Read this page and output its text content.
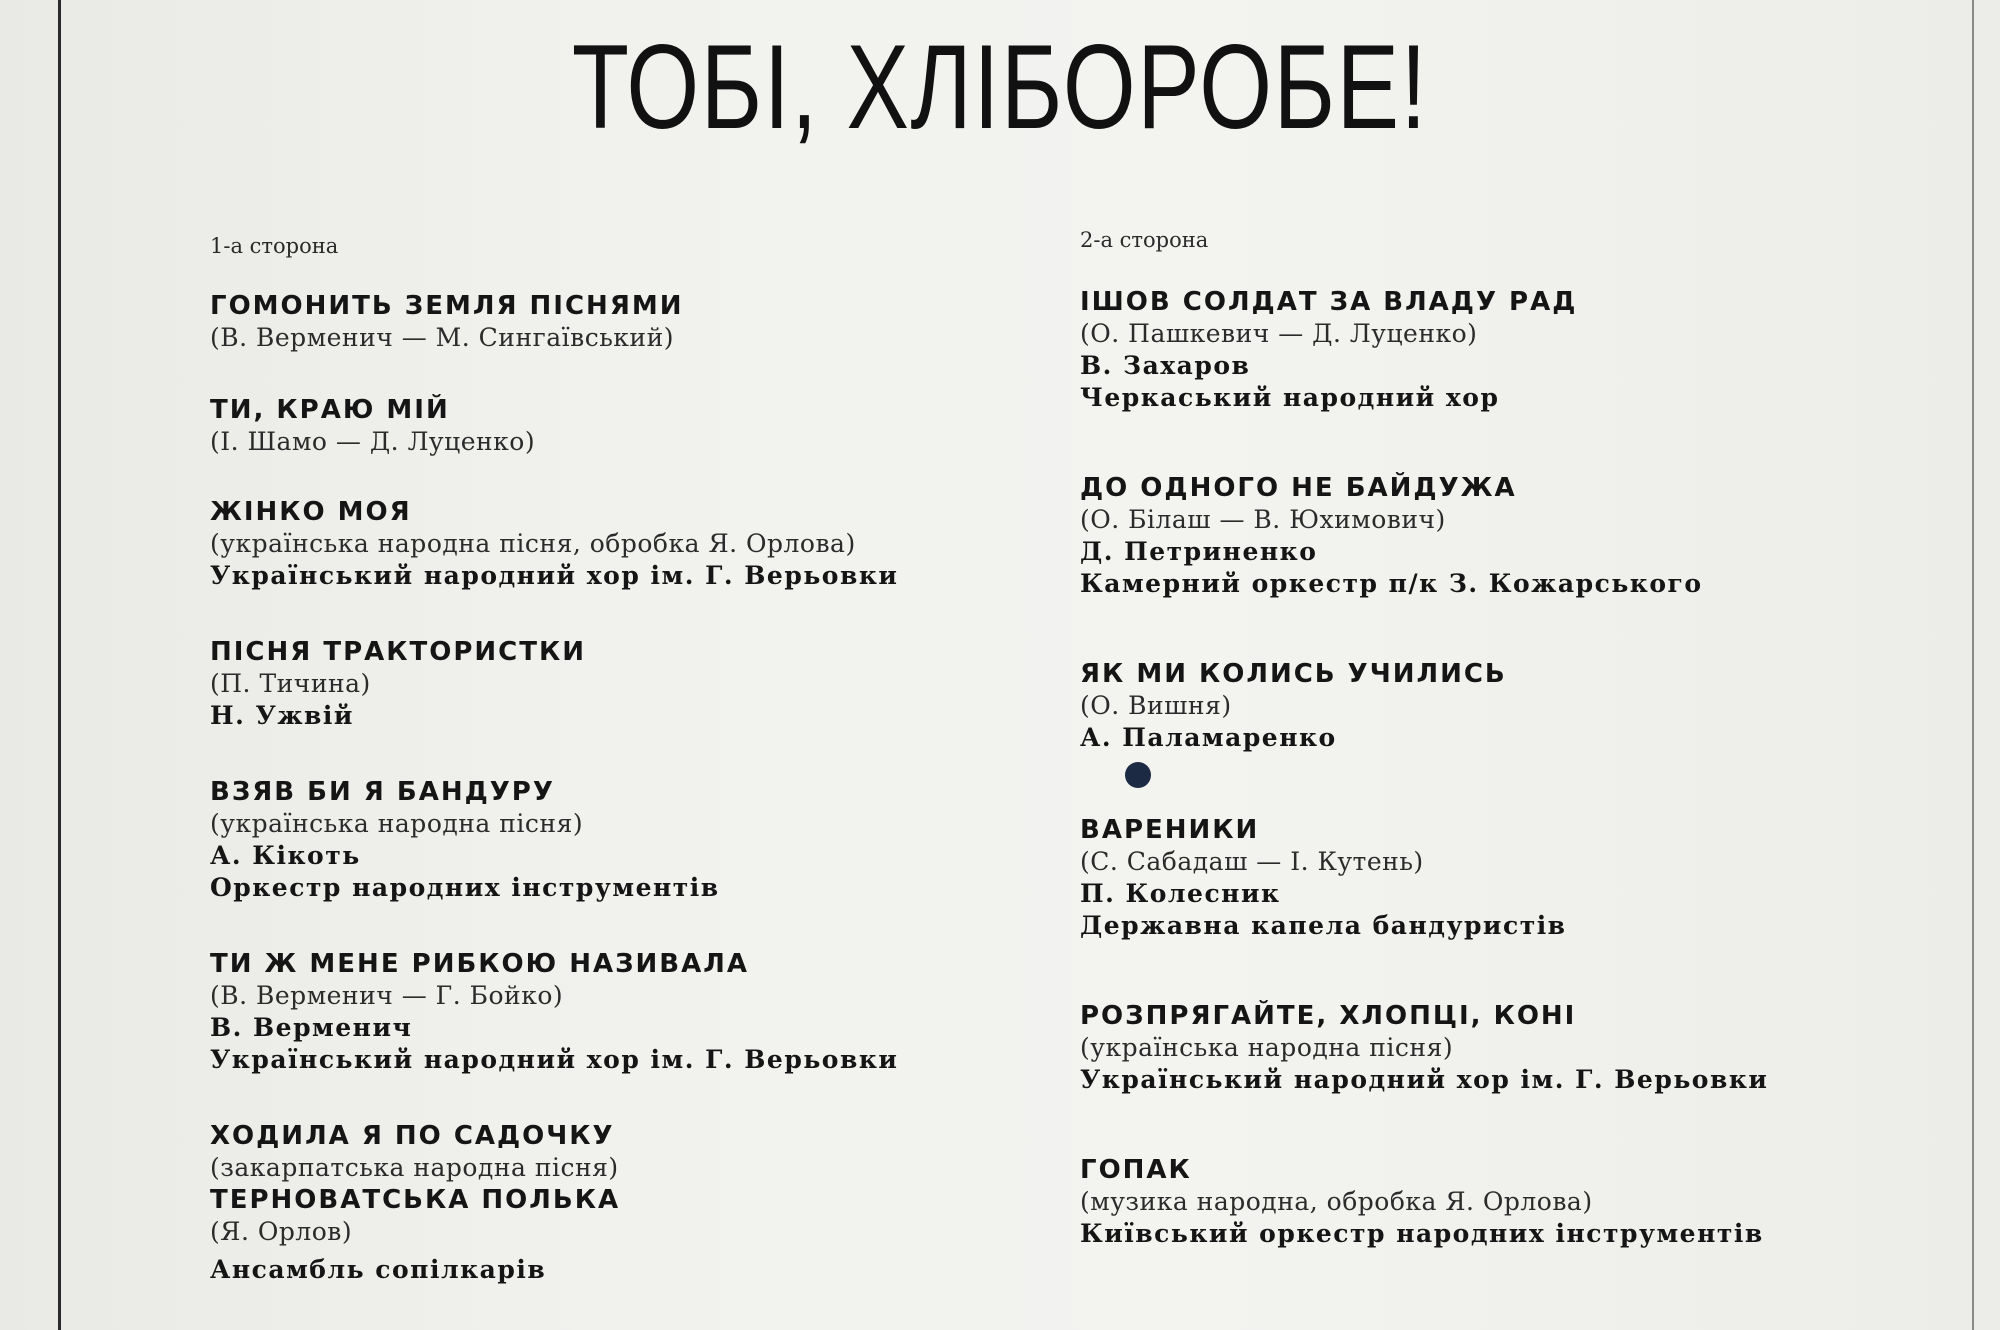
ТОБІ, ХЛІБОРОБЕ!
1-а сторона
ГОМОНИТЬ ЗЕМЛЯ ПІСНЯМИ
(В. Верменич — М. Сингаївський)
ТИ, КРАЮ МІЙ
(І. Шамо — Д. Луценко)
ЖІНКО МОЯ
(українська народна пісня, обробка Я. Орлова)
Український народний хор ім. Г. Верьовки
ПІСНЯ ТРАКТОРИСТКИ
(П. Тичина)
Н. Ужвій
ВЗЯВ БИ Я БАНДУРУ
(українська народна пісня)
А. Кікоть
Оркестр народних інструментів
ТИ Ж МЕНЕ РИБКОЮ НАЗИВАЛА
(В. Верменич — Г. Бойко)
В. Верменич
Український народний хор ім. Г. Верьовки
ХОДИЛА Я ПО САДОЧКУ
(закарпатська народна пісня)
ТЕРНОВАТСЬКА ПОЛЬКА
(Я. Орлов)
Ансамбль сопілкарів
2-а сторона
ІШОВ СОЛДАТ ЗА ВЛАДУ РАД
(О. Пашкевич — Д. Луценко)
В. Захаров
Черкаський народний хор
ДО ОДНОГО НЕ БАЙДУЖА
(О. Білаш — В. Юхимович)
Д. Петриненко
Камерний оркестр п/к З. Кожарського
ЯК МИ КОЛИСЬ УЧИЛИСЬ
(О. Вишня)
А. Паламаренко
ВАРЕНИКИ
(С. Сабадаш — І. Кутень)
П. Колесник
Державна капела бандуристів
РОЗПРЯГАЙТЕ, ХЛОПЦІ, КОНІ
(українська народна пісня)
Український народний хор ім. Г. Верьовки
ГОПАК
(музика народна, обробка Я. Орлова)
Київський оркестр народних інструментів
